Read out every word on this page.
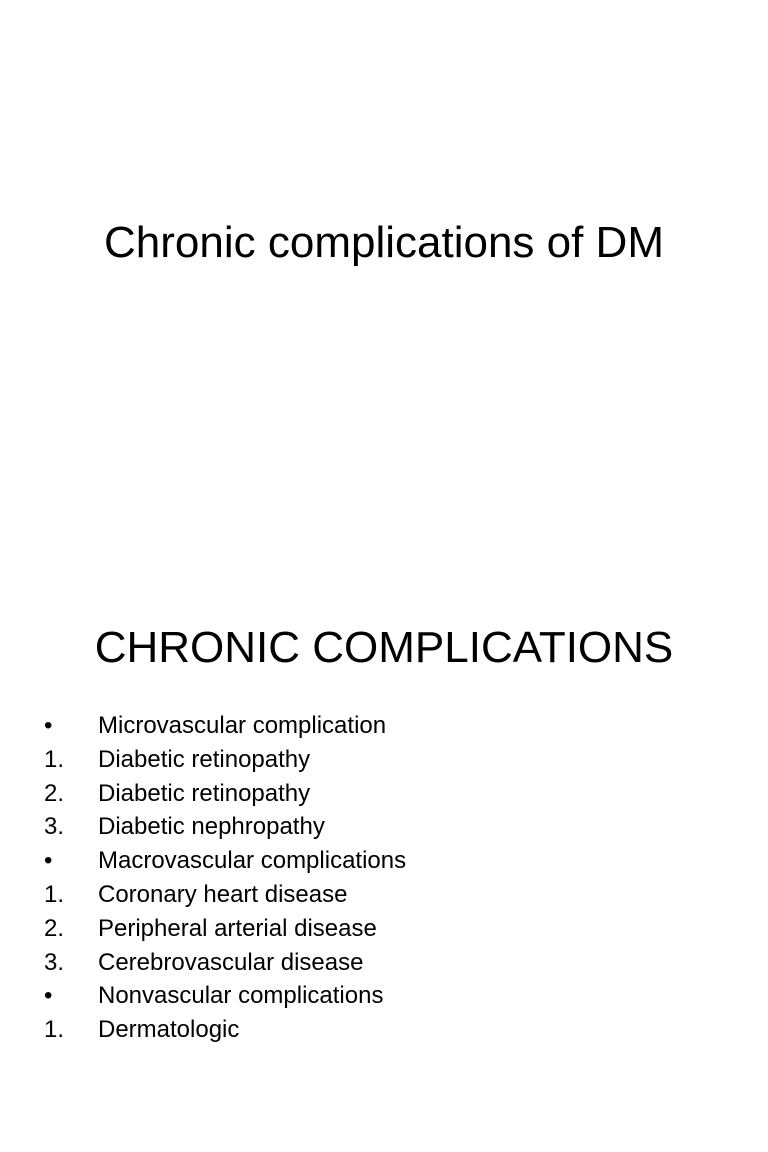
Chronic complications of DM
CHRONIC COMPLICATIONS
•	Microvascular complication
1.	Diabetic retinopathy
2.	Diabetic retinopathy
3.	Diabetic nephropathy
•	Macrovascular complications
1.	Coronary heart disease
2.	Peripheral arterial disease
3.	Cerebrovascular disease
•	Nonvascular complications
1.	Dermatologic
